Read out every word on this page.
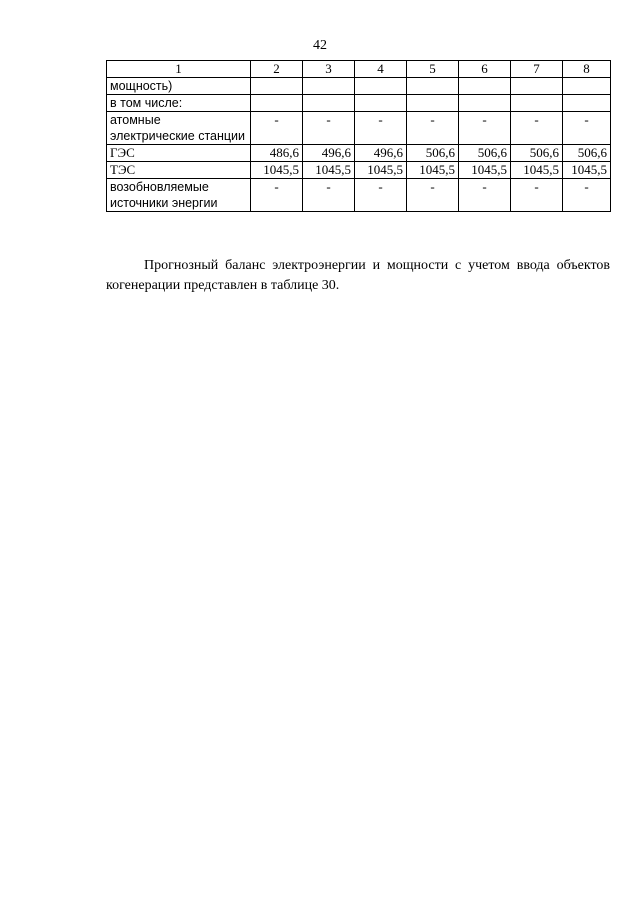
42
1	2	3	4	5	6	7	8
мощность)							
в том числе:							
атомные электрические станции	-	-	-	-	-	-	-
ГЭС	486,6	496,6	496,6	506,6	506,6	506,6	506,6
ТЭС	1045,5	1045,5	1045,5	1045,5	1045,5	1045,5	1045,5
возобновляемые источники энергии	-	-	-	-	-	-	-

Прогнозный баланс электроэнергии и мощности с учетом ввода объектов когенерации представлен в таблице 30.
